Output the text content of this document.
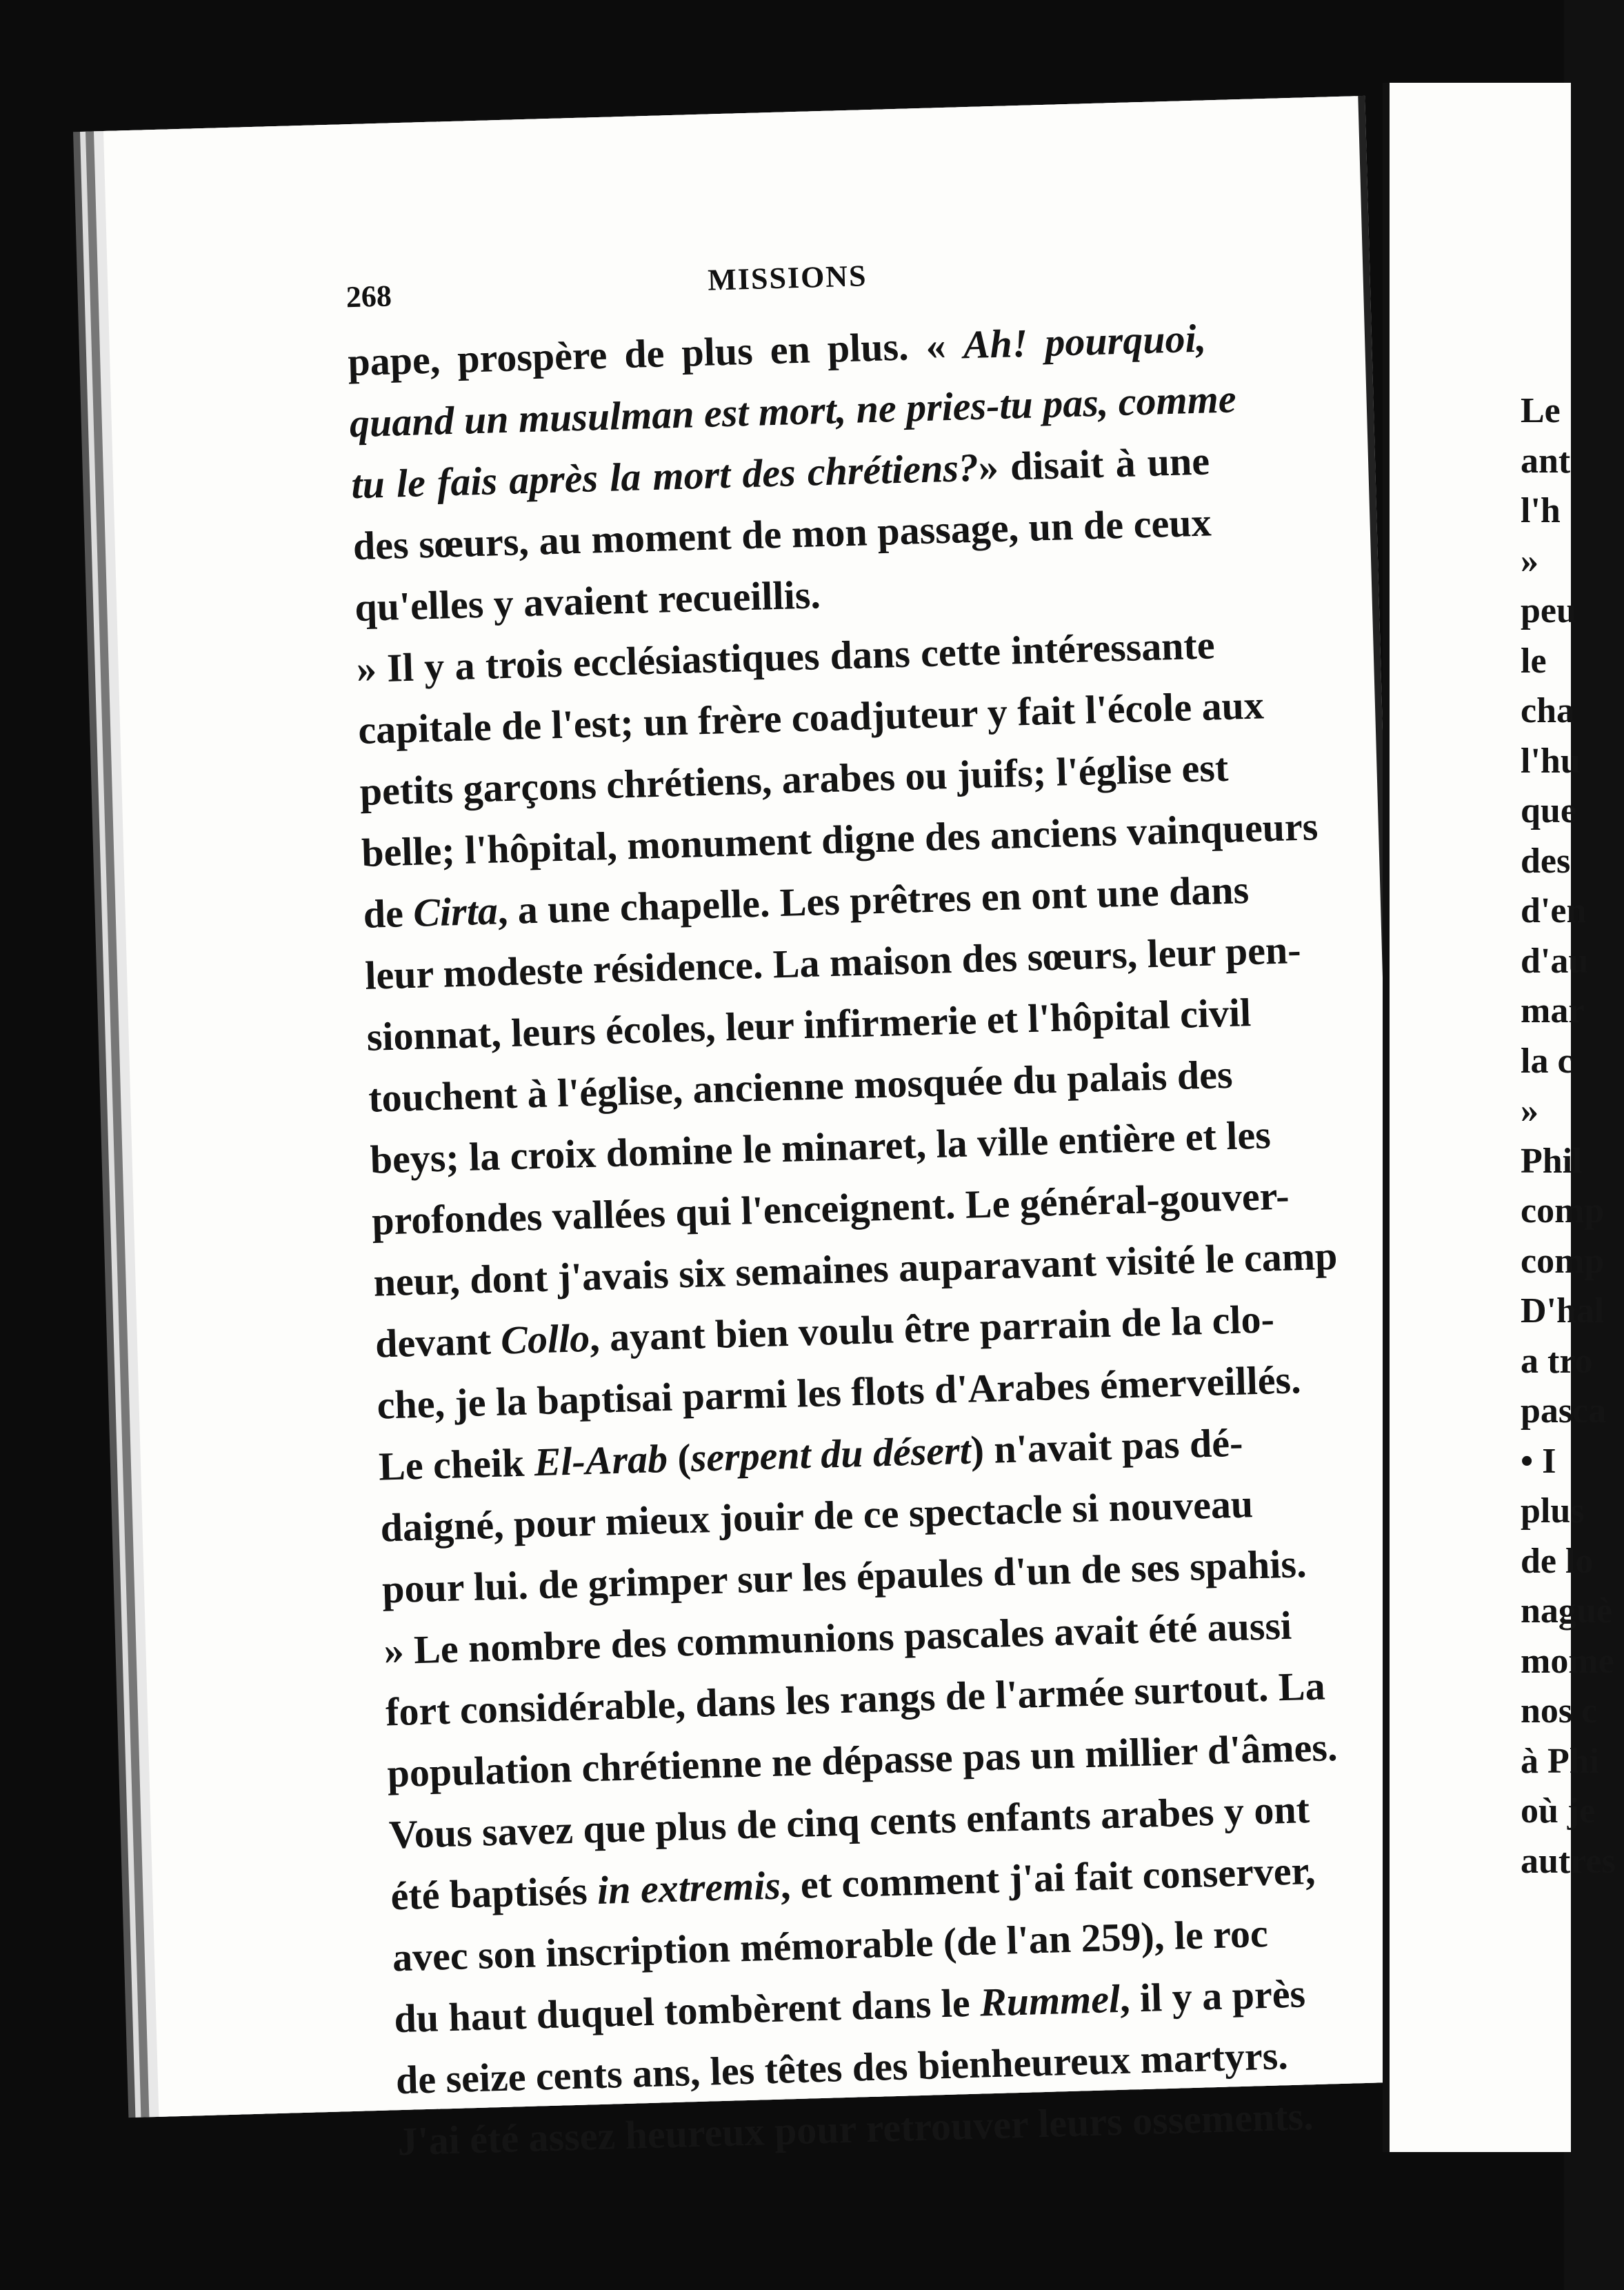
268	MISSIONS
pape, prospère de plus en plus. « Ah! pourquoi,
quand un musulman est mort, ne pries-tu pas, comme
tu le fais après la mort des chrétiens?» disait à une
des sœurs, au moment de mon passage, un de ceux
qu'elles y avaient recueillis.
» Il y a trois ecclésiastiques dans cette intéressante
capitale de l'est; un frère coadjuteur y fait l'école aux
petits garçons chrétiens, arabes ou juifs; l'église est
belle; l'hôpital, monument digne des anciens vainqueurs
de Cirta, a une chapelle. Les prêtres en ont une dans
leur modeste résidence. La maison des sœurs, leur pen-
sionnat, leurs écoles, leur infirmerie et l'hôpital civil
touchent à l'église, ancienne mosquée du palais des
beys; la croix domine le minaret, la ville entière et les
profondes vallées qui l'enceignent. Le général-gouver-
neur, dont j'avais six semaines auparavant visité le camp
devant Collo, ayant bien voulu être parrain de la clo-
che, je la baptisai parmi les flots d'Arabes émerveillés.
Le cheik El-Arab (serpent du désert) n'avait pas dé-
daigné, pour mieux jouir de ce spectacle si nouveau
pour lui. de grimper sur les épaules d'un de ses spahis.
» Le nombre des communions pascales avait été aussi
fort considérable, dans les rangs de l'armée surtout. La
population chrétienne ne dépasse pas un millier d'âmes.
Vous savez que plus de cinq cents enfants arabes y ont
été baptisés in extremis, et comment j'ai fait conserver,
avec son inscription mémorable (de l'an 259), le roc
du haut duquel tombèrent dans le Rummel, il y a près
de seize cents ans, les têtes des bienheureux martyrs.
J'ai été assez heureux pour retrouver leurs ossements.
Le
ant
l'h
»
peu
le
cha
l'hu
que
des
d'en
d'au
mar
la c
»
Phil
comp
comp
D'hal
a tro
pasca
• I
plus
de lo
naguè
mome
nos c
à Phi
où je
autres
